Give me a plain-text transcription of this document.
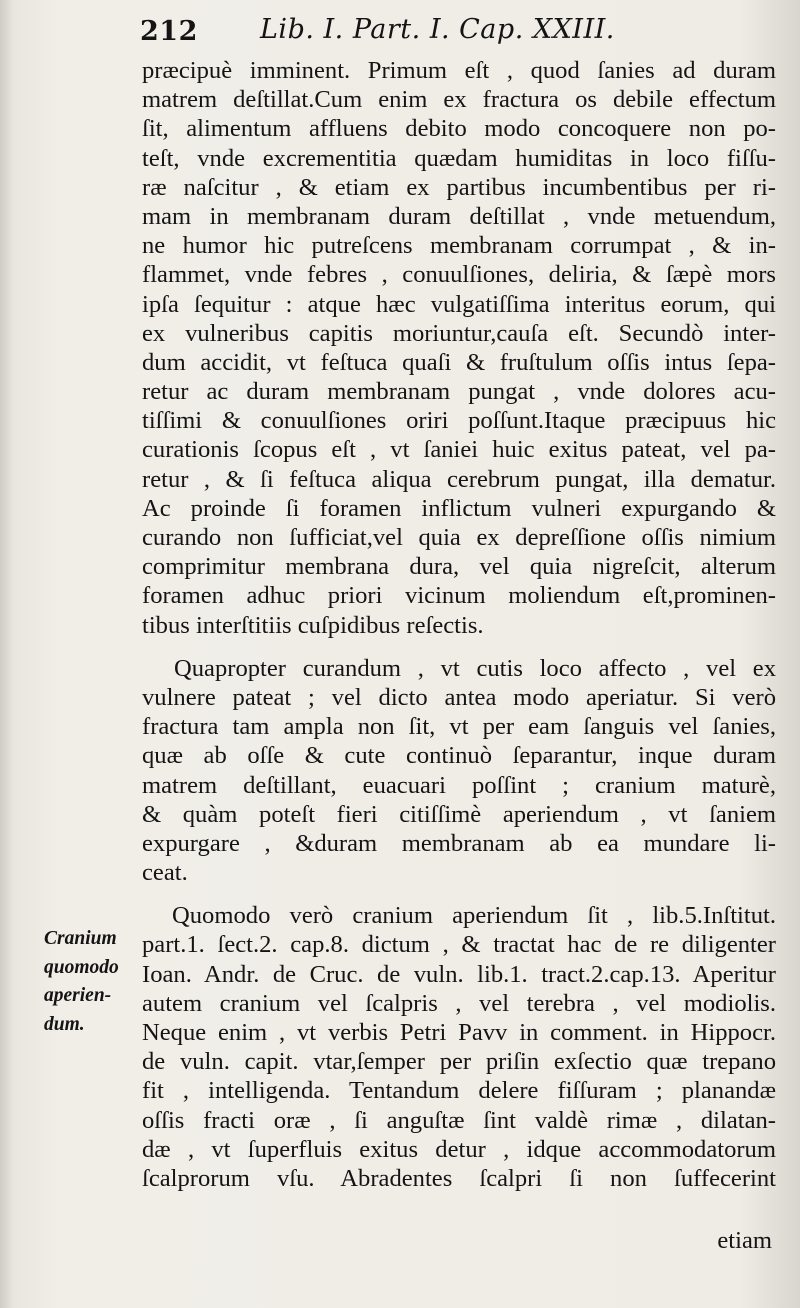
212 Lib. I. Part. I. Cap. XXIII.
præcipuè imminent. Primum eſt , quod ſanies ad duram
matrem deſtillat.Cum enim ex fractura os debile effectum
ſit, alimentum affluens debito modo concoquere non po-
teſt, vnde excrementitia quædam humiditas in loco fiſſu-
ræ naſcitur , & etiam ex partibus incumbentibus per ri-
mam in membranam duram deſtillat , vnde metuendum,
ne humor hic putreſcens membranam corrumpat , & in-
flammet, vnde febres , conuulſiones, deliria, & ſæpè mors
ipſa ſequitur : atque hæc vulgatiſſima interitus eorum, qui
ex vulneribus capitis moriuntur,cauſa eſt. Secundò inter-
dum accidit, vt feſtuca quaſi & fruſtulum oſſis intus ſepa-
retur ac duram membranam pungat , vnde dolores acu-
tiſſimi & conuulſiones oriri poſſunt.Itaque præcipuus hic
curationis ſcopus eſt , vt ſaniei huic exitus pateat, vel pa-
retur , & ſi feſtuca aliqua cerebrum pungat, illa dematur.
Ac proinde ſi foramen inflictum vulneri expurgando &
curando non ſufficiat,vel quia ex depreſſione oſſis nimium
comprimitur membrana dura, vel quia nigreſcit, alterum
foramen adhuc priori vicinum moliendum eſt,prominen-
tibus interſtitiis cuſpidibus reſectis.
Quapropter curandum , vt cutis loco affecto , vel ex
vulnere pateat ; vel dicto antea modo aperiatur. Si verò
fractura tam ampla non ſit, vt per eam ſanguis vel ſanies,
quæ ab oſſe & cute continuò ſeparantur, inque duram
matrem deſtillant, euacuari poſſint ; cranium maturè,
& quàm poteſt fieri citiſſimè aperiendum , vt ſaniem
expurgare , &duram membranam ab ea mundare li-
ceat.
Quomodo verò cranium aperiendum ſit , lib.5.Inſtitut.
part.1. ſect.2. cap.8. dictum , & tractat hac de re diligenter
Ioan. Andr. de Cruc. de vuln. lib.1. tract.2.cap.13. Aperitur
autem cranium vel ſcalpris , vel terebra , vel modiolis.
Neque enim , vt verbis Petri Pavv in comment. in Hippocr.
de vuln. capit. vtar,ſemper per priſin exſectio quæ trepano
fit , intelligenda. Tentandum delere fiſſuram ; planandæ
oſſis fracti oræ , ſi anguſtæ ſint valdè rimæ , dilatan-
dæ , vt ſuperfluis exitus detur , idque accommodatorum
ſcalprorum vſu. Abradentes ſcalpri ſi non ſuffecerint
Cranium
quomodo
aperien-
dum.
etiam
